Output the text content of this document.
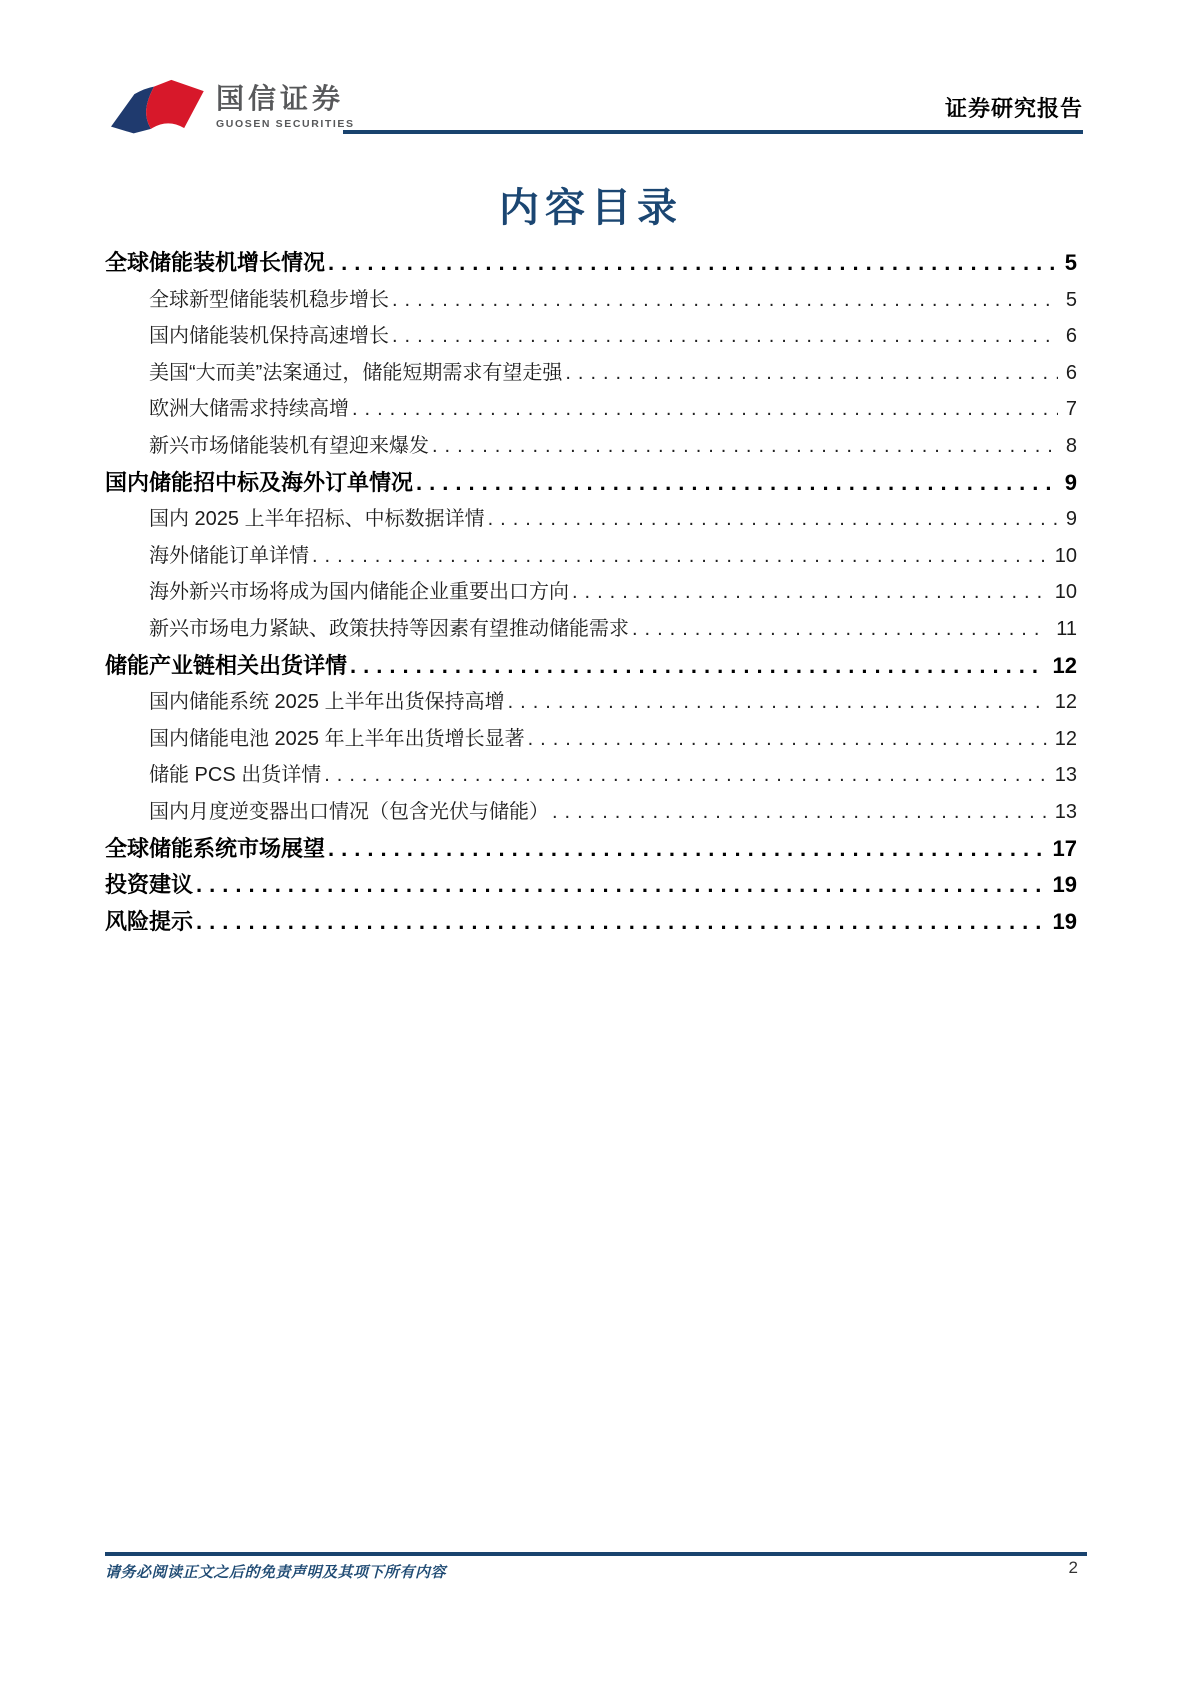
国信证券
GUOSEN SECURITIES
证券研究报告
内容目录
全球储能装机增长情况 .....	5
全球新型储能装机稳步增长 .....	5
国内储能装机保持高速增长 .....	6
美国“大而美”法案通过，储能短期需求有望走强 .....	6
欧洲大储需求持续高增 .....	7
新兴市场储能装机有望迎来爆发 .....	8
国内储能招中标及海外订单情况 .....	9
国内 2025 上半年招标、中标数据详情 .....	9
海外储能订单详情 .....	10
海外新兴市场将成为国内储能企业重要出口方向 .....	10
新兴市场电力紧缺、政策扶持等因素有望推动储能需求 .....	11
储能产业链相关出货详情 .....	12
国内储能系统 2025 上半年出货保持高增 .....	12
国内储能电池 2025 年上半年出货增长显著 .....	12
储能 PCS 出货详情 .....	13
国内月度逆变器出口情况（包含光伏与储能） .....	13
全球储能系统市场展望 .....	17
投资建议 .....	19
风险提示 .....	19
请务必阅读正文之后的免责声明及其项下所有内容	2
